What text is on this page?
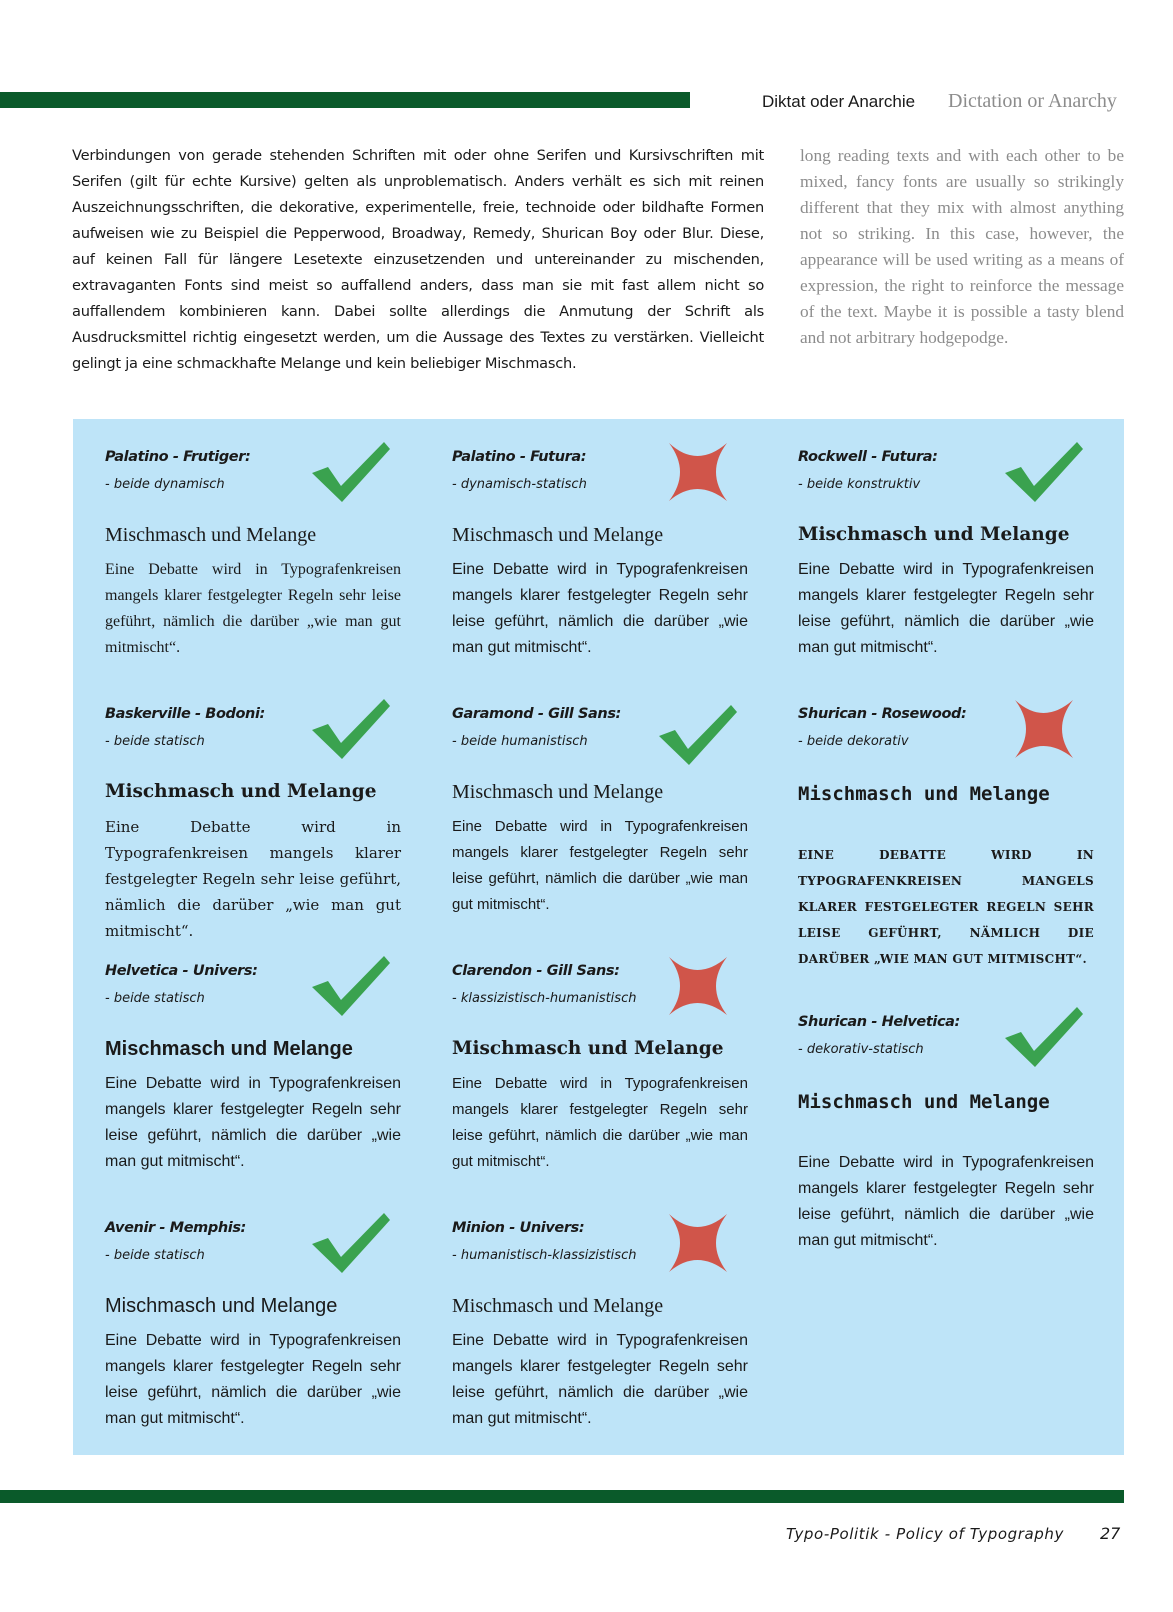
Diktat oder Anarchie Dictation or Anarchy
Verbindungen von gerade stehenden Schriften mit oder ohne Serifen und Kursivschriften mit Serifen (gilt für echte Kursive) gelten als unproblematisch. Anders verhält es sich mit reinen Auszeichnungsschriften, die dekorative, experimentelle, freie, technoide oder bildhafte Formen aufweisen wie zu Beispiel die Pepperwood, Broadway, Remedy, Shurican Boy oder Blur. Diese, auf keinen Fall für längere Lesetexte einzusetzenden und untereinander zu mischenden, extravaganten Fonts sind meist so auffallend anders, dass man sie mit fast allem nicht so auffallendem kombinieren kann. Dabei sollte allerdings die Anmutung der Schrift als Ausdrucksmittel richtig eingesetzt werden, um die Aussage des Textes zu verstärken. Vielleicht gelingt ja eine schmackhafte Melange und kein beliebiger Mischmasch.
long reading texts and with each other to be mixed, fancy fonts are usually so strikingly different that they mix with almost anything not so striking. In this case, however, the appearance will be used writing as a means of expression, the right to reinforce the message of the text. Maybe it is possible a tasty blend and not arbitrary hodgepodge.
Palatino - Frutiger:
- beide dynamisch
Mischmasch und Melange
Eine Debatte wird in Typografenkreisen mangels klarer festgelegter Regeln sehr leise geführt, nämlich die darüber „wie man gut mitmischt“.
Baskerville - Bodoni:
- beide statisch
Mischmasch und Melange
Eine Debatte wird in Typografenkreisen mangels klarer festgelegter Regeln sehr leise geführt, nämlich die darüber „wie man gut mitmischt“.
Helvetica - Univers:
- beide statisch
Mischmasch und Melange
Eine Debatte wird in Typografenkreisen mangels klarer festgelegter Regeln sehr leise geführt, nämlich die darüber „wie man gut mitmischt“.
Avenir - Memphis:
- beide statisch
Mischmasch und Melange
Eine Debatte wird in Typografenkreisen mangels klarer festgelegter Regeln sehr leise geführt, nämlich die darüber „wie man gut mitmischt“.
Palatino - Futura:
- dynamisch-statisch
Mischmasch und Melange
Eine Debatte wird in Typografenkreisen mangels klarer festgelegter Regeln sehr leise geführt, nämlich die darüber „wie man gut mitmischt“.
Garamond - Gill Sans:
- beide humanistisch
Mischmasch und Melange
Eine Debatte wird in Typografenkreisen mangels klarer festgelegter Regeln sehr leise geführt, nämlich die darüber „wie man gut mitmischt“.
Clarendon - Gill Sans:
- klassizistisch-humanistisch
Mischmasch und Melange
Eine Debatte wird in Typografenkreisen mangels klarer festgelegter Regeln sehr leise geführt, nämlich die darüber „wie man gut mitmischt“.
Minion - Univers:
- humanistisch-klassizistisch
Mischmasch und Melange
Eine Debatte wird in Typografenkreisen mangels klarer festgelegter Regeln sehr leise geführt, nämlich die darüber „wie man gut mitmischt“.
Rockwell - Futura:
- beide konstruktiv
Mischmasch und Melange
Eine Debatte wird in Typografenkreisen mangels klarer festgelegter Regeln sehr leise geführt, nämlich die darüber „wie man gut mitmischt“.
Shurican - Rosewood:
- beide dekorativ
Mischmasch und Melange
EINE DEBATTE WIRD IN TYPOGRAFENKREISEN MANGELS KLARER FESTGELEGTER REGELN SEHR LEISE GEFÜHRT, NÄMLICH DIE DARÜBER „WIE MAN GUT MITMISCHT“.
Shurican - Helvetica:
- dekorativ-statisch
Mischmasch und Melange
Eine Debatte wird in Typografenkreisen mangels klarer festgelegter Regeln sehr leise geführt, nämlich die darüber „wie man gut mitmischt“.
Typo-Politik - Policy of Typography 27
